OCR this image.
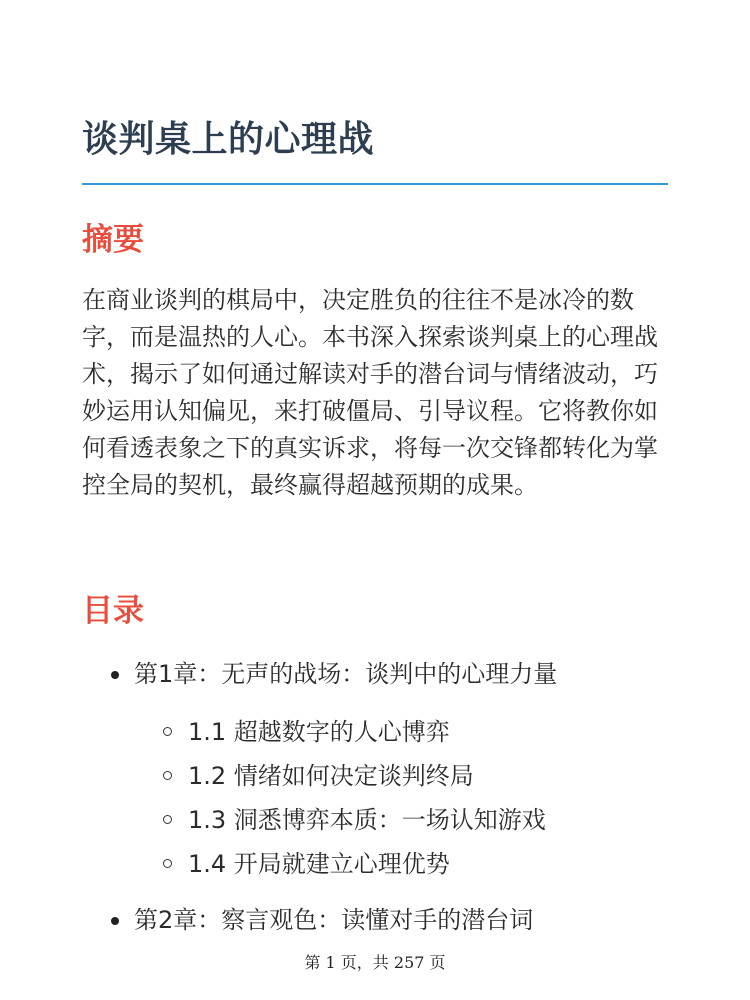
谈判桌上的心理战
摘要

在商业谈判的棋局中，决定胜负的往往不是冰冷的数字，而是温热的人心。本书深入探索谈判桌上的心理战术，揭示了如何通过解读对手的潜台词与情绪波动，巧妙运用认知偏见，来打破僵局、引导议程。它将教你如何看透表象之下的真实诉求，将每一次交锋都转化为掌控全局的契机，最终赢得超越预期的成果。

目录
第1章：无声的战场：谈判中的心理力量
1.1 超越数字的人心博弈
1.2 情绪如何决定谈判终局
1.3 洞悉博弈本质：一场认知游戏
1.4 开局就建立心理优势
第2章：察言观色：读懂对手的潜台词
第 1 页，共 257 页
